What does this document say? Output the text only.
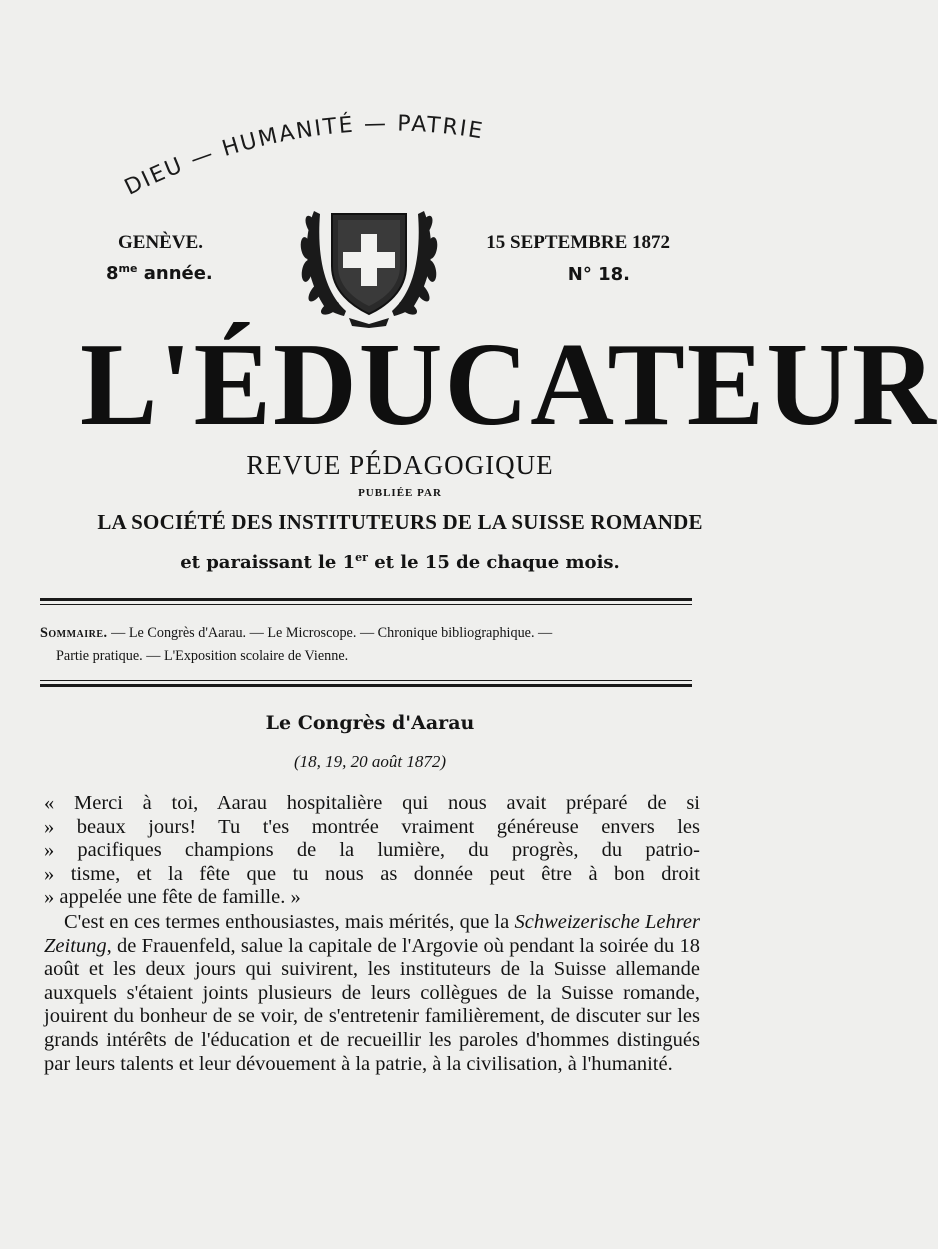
DIEU — HUMANITÉ — PATRIE
GENÈVE.
$8^{me}$ année.
15 SEPTEMBRE 1872
N° 18.
L'ÉDUCATEUR
REVUE PÉDAGOGIQUE
PUBLIÉE PAR
LA SOCIÉTÉ DES INSTITUTEURS DE LA SUISSE ROMANDE
et paraissant le 1er et le 15 de chaque mois.
Sommaire. — Le Congrès d'Aarau. — Le Microscope. — Chronique bibliographique. —
Partie pratique. — L'Exposition scolaire de Vienne.
Le Congrès d'Aarau
(18, 19, 20 août 1872)
« Merci à toi, Aarau hospitalière qui nous avait préparé de si
» beaux jours! Tu t'es montrée vraiment généreuse envers les
» pacifiques champions de la lumière, du progrès, du patrio-
» tisme, et la fête que tu nous as donnée peut être à bon droit
» appelée une fête de famille. »
C'est en ces termes enthousiastes, mais mérités, que la Schweizerische Lehrer Zeitung, de Frauenfeld, salue la capitale de l'Argovie où pendant la soirée du 18 août et les deux jours qui suivirent, les instituteurs de la Suisse allemande auxquels s'étaient joints plusieurs de leurs collègues de la Suisse romande, jouirent du bonheur de se voir, de s'entretenir familièrement, de discuter sur les grands intérêts de l'éducation et de recueillir les paroles d'hommes distingués par leurs talents et leur dévouement à la patrie, à la civilisation, à l'humanité.
